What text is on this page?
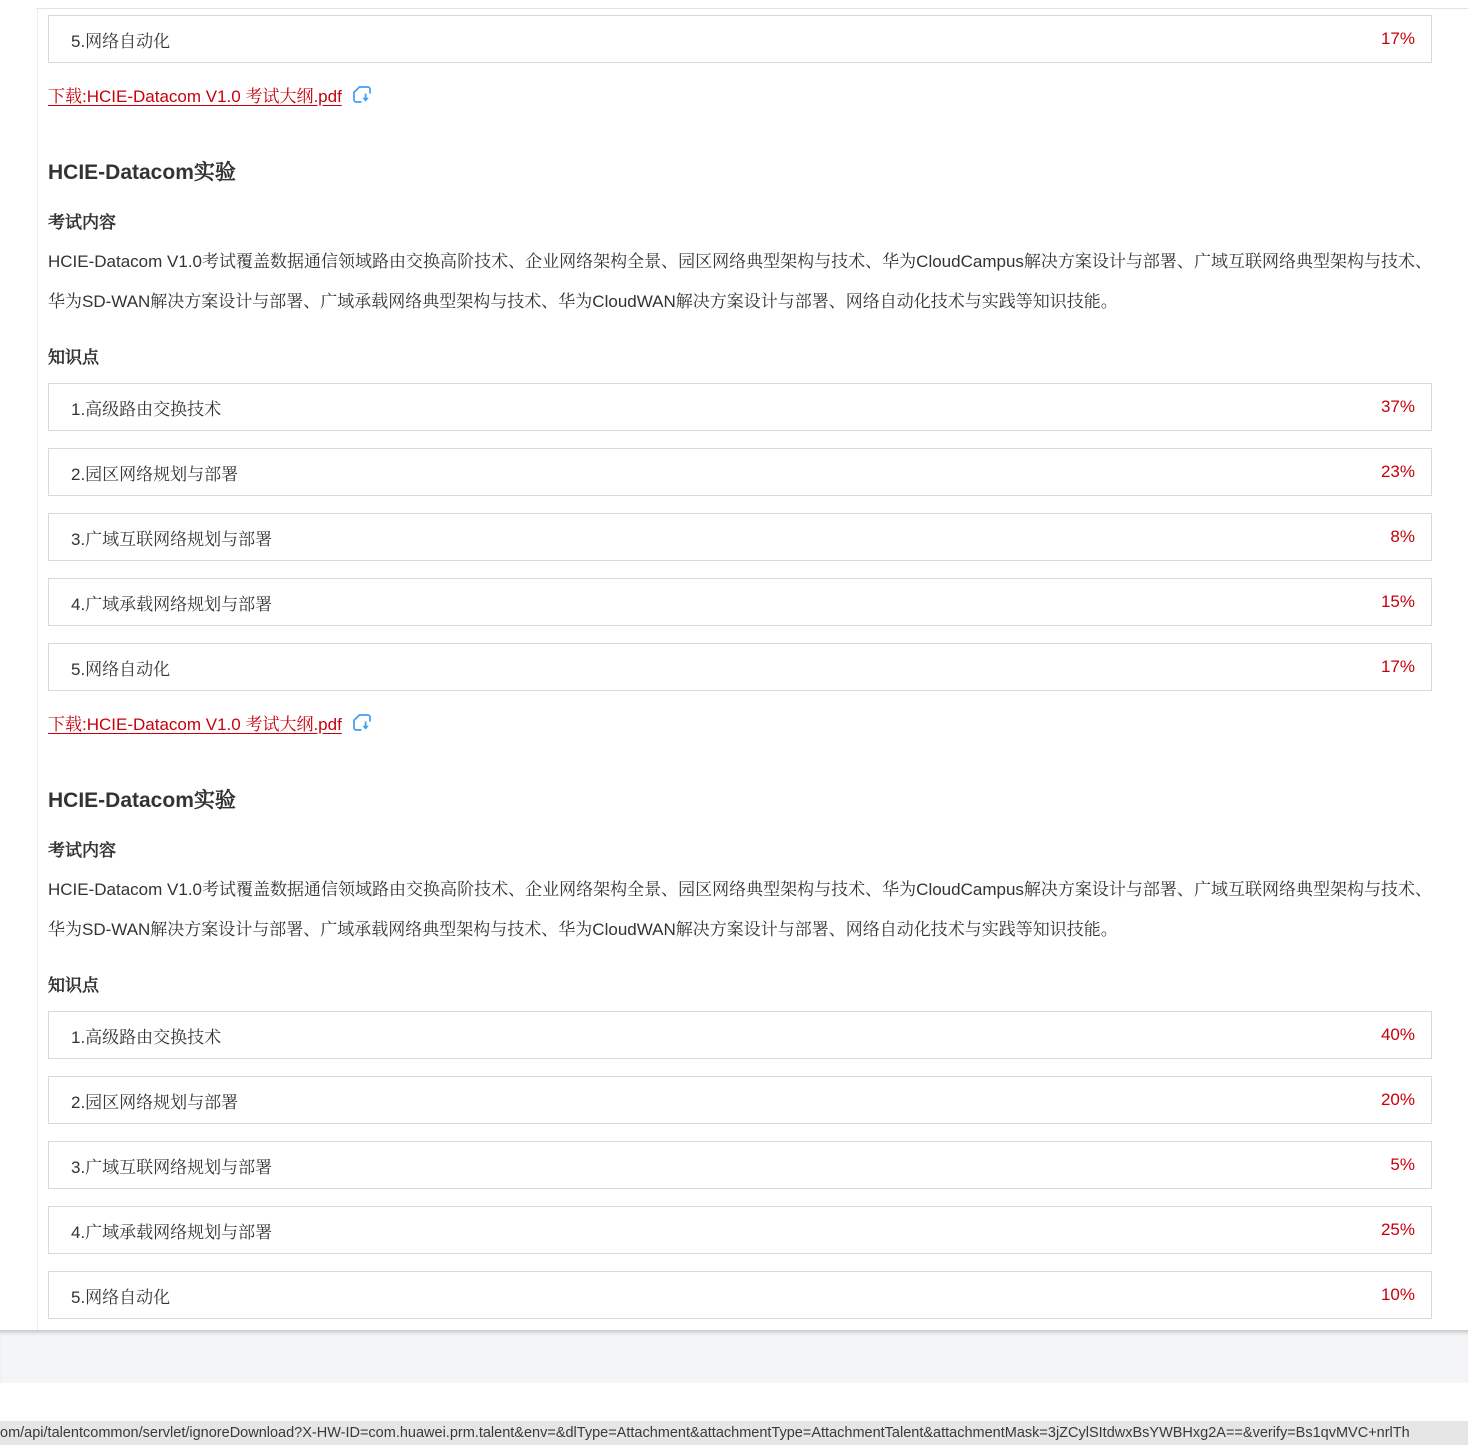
5.网络自动化	17%
下载:HCIE-Datacom V1.0 考试大纲.pdf
HCIE-Datacom实验
考试内容

HCIE-Datacom V1.0考试覆盖数据通信领域路由交换高阶技术、企业网络架构全景、园区网络典型架构与技术、华为CloudCampus解决方案设计与部署、广域互联网络典型架构与技术、华为SD-WAN解决方案设计与部署、广域承载网络典型架构与技术、华为CloudWAN解决方案设计与部署、网络自动化技术与实践等知识技能。

知识点
1.高级路由交换技术	37%
2.园区网络规划与部署	23%
3.广域互联网络规划与部署	8%
4.广域承载网络规划与部署	15%
5.网络自动化	17%
下载:HCIE-Datacom V1.0 考试大纲.pdf
HCIE-Datacom实验
考试内容

HCIE-Datacom V1.0考试覆盖数据通信领域路由交换高阶技术、企业网络架构全景、园区网络典型架构与技术、华为CloudCampus解决方案设计与部署、广域互联网络典型架构与技术、华为SD-WAN解决方案设计与部署、广域承载网络典型架构与技术、华为CloudWAN解决方案设计与部署、网络自动化技术与实践等知识技能。

知识点
1.高级路由交换技术	40%
2.园区网络规划与部署	20%
3.广域互联网络规划与部署	5%
4.广域承载网络规划与部署	25%
5.网络自动化	10%
om/api/talentcommon/servlet/ignoreDownload?X-HW-ID=com.huawei.prm.talent&env=&dlType=Attachment&attachmentType=AttachmentTalent&attachmentMask=3jZCylSItdwxBsYWBHxg2A==&verify=Bs1qvMVC+nrlTh
